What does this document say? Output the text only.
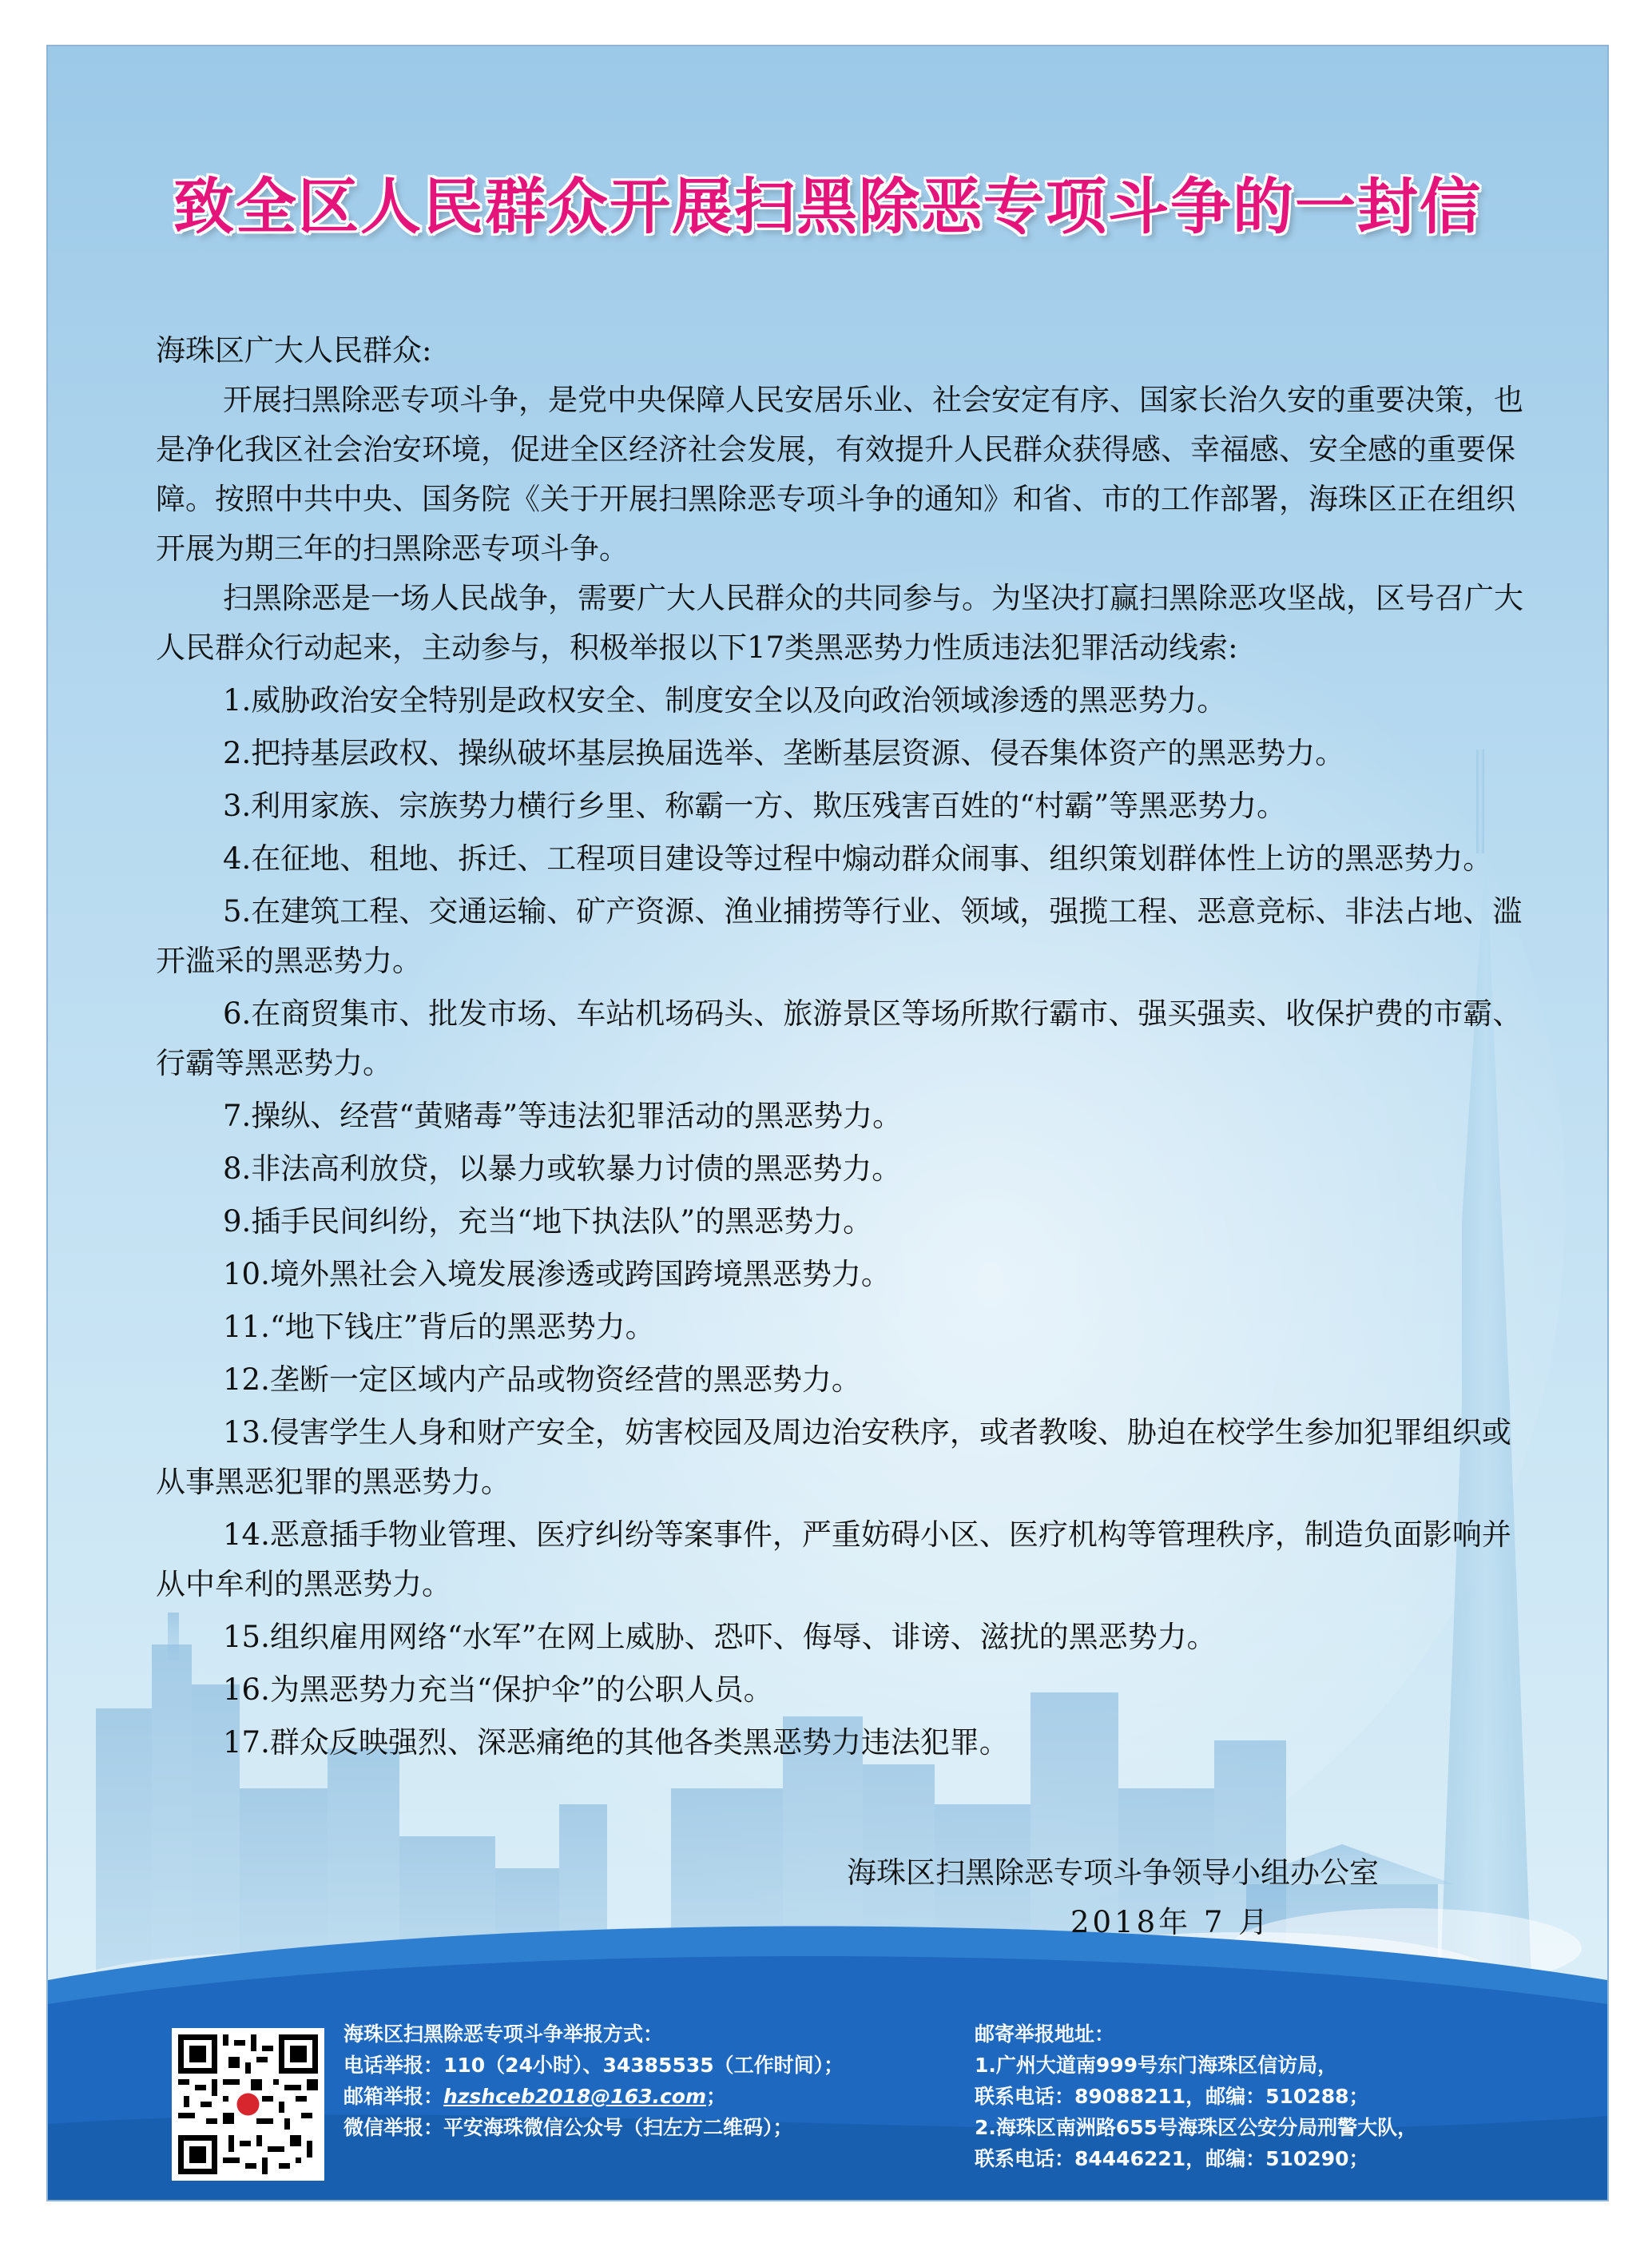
致全区人民群众开展扫黑除恶专项斗争的一封信

海珠区广大人民群众:

开展扫黑除恶专项斗争，是党中央保障人民安居乐业、社会安定有序、国家长治久安的重要决策，也是净化我区社会治安环境，促进全区经济社会发展，有效提升人民群众获得感、幸福感、安全感的重要保障。按照中共中央、国务院《关于开展扫黑除恶专项斗争的通知》和省、市的工作部署，海珠区正在组织开展为期三年的扫黑除恶专项斗争。

扫黑除恶是一场人民战争，需要广大人民群众的共同参与。为坚决打赢扫黑除恶攻坚战，区号召广大人民群众行动起来，主动参与，积极举报以下17类黑恶势力性质违法犯罪活动线索:

1.威胁政治安全特别是政权安全、制度安全以及向政治领域渗透的黑恶势力。

2.把持基层政权、操纵破坏基层换届选举、垄断基层资源、侵吞集体资产的黑恶势力。

3.利用家族、宗族势力横行乡里、称霸一方、欺压残害百姓的“村霸”等黑恶势力。

4.在征地、租地、拆迁、工程项目建设等过程中煽动群众闹事、组织策划群体性上访的黑恶势力。

5.在建筑工程、交通运输、矿产资源、渔业捕捞等行业、领域，强揽工程、恶意竞标、非法占地、滥开滥采的黑恶势力。

6.在商贸集市、批发市场、车站机场码头、旅游景区等场所欺行霸市、强买强卖、收保护费的市霸、行霸等黑恶势力。

7.操纵、经营“黄赌毒”等违法犯罪活动的黑恶势力。

8.非法高利放贷，以暴力或软暴力讨债的黑恶势力。

9.插手民间纠纷，充当“地下执法队”的黑恶势力。

10.境外黑社会入境发展渗透或跨国跨境黑恶势力。

11.“地下钱庄”背后的黑恶势力。

12.垄断一定区域内产品或物资经营的黑恶势力。

13.侵害学生人身和财产安全，妨害校园及周边治安秩序，或者教唆、胁迫在校学生参加犯罪组织或从事黑恶犯罪的黑恶势力。

14.恶意插手物业管理、医疗纠纷等案事件，严重妨碍小区、医疗机构等管理秩序，制造负面影响并从中牟利的黑恶势力。

15.组织雇用网络“水军”在网上威胁、恐吓、侮辱、诽谤、滋扰的黑恶势力。

16.为黑恶势力充当“保护伞”的公职人员。

17.群众反映强烈、深恶痛绝的其他各类黑恶势力违法犯罪。

海珠区扫黑除恶专项斗争领导小组办公室
2018年 7 月
海珠区扫黑除恶专项斗争举报方式：
电话举报：110（24小时）、34385535（工作时间）；
邮箱举报：hzshceb2018@163.com；
微信举报：平安海珠微信公众号（扫左方二维码）；
邮寄举报地址：
1.广州大道南999号东门海珠区信访局，
联系电话：89088211，邮编：510288；
2.海珠区南洲路655号海珠区公安分局刑警大队，
联系电话：84446221，邮编：510290；
